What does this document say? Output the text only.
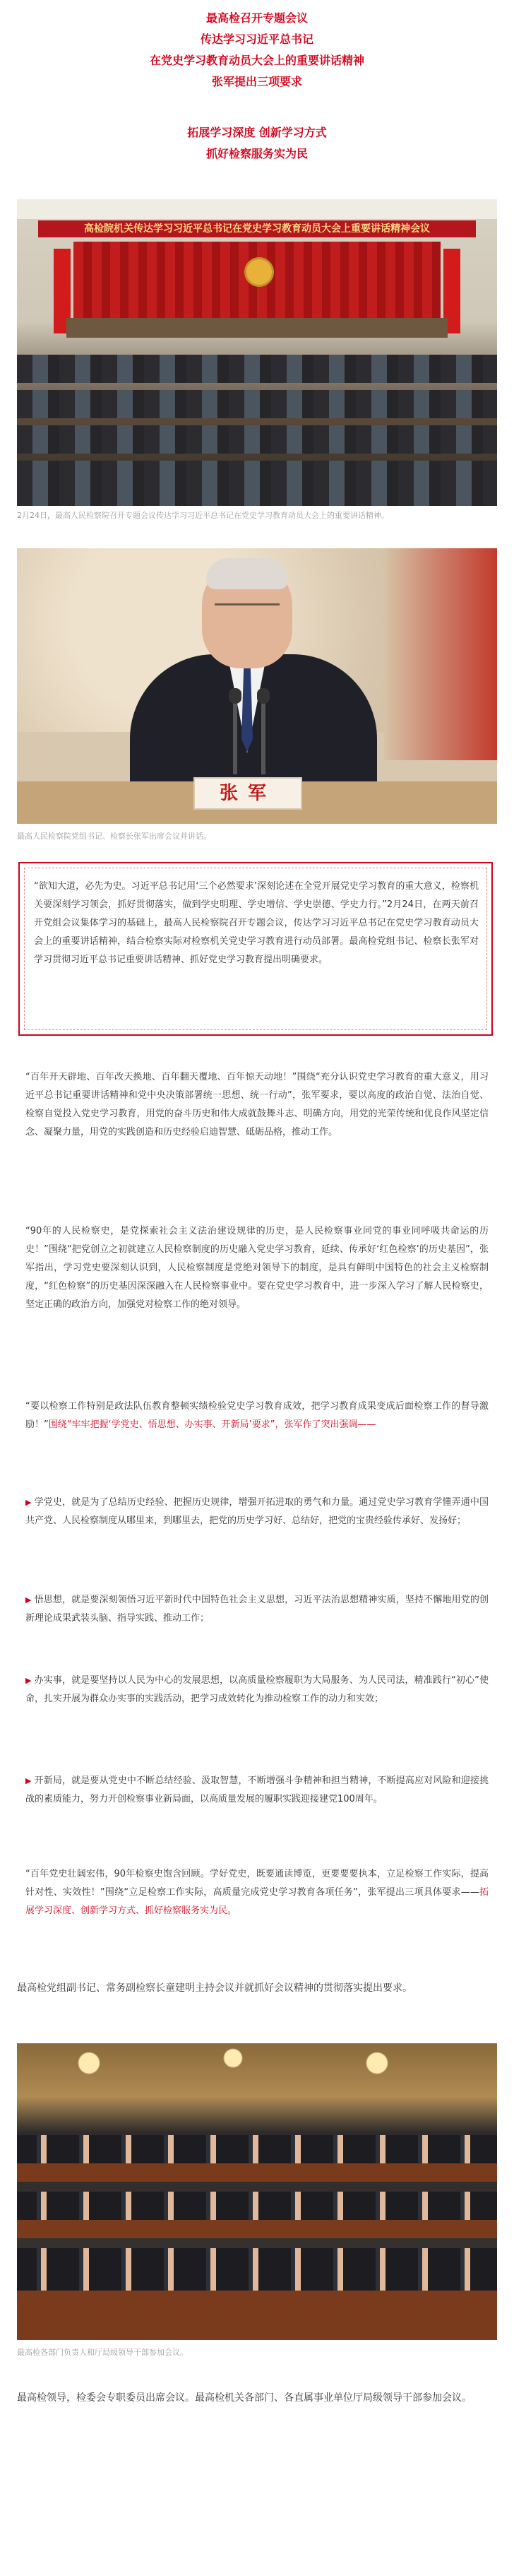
最高检召开专题会议
传达学习习近平总书记
在党史学习教育动员大会上的重要讲话精神
张军提出三项要求
拓展学习深度 创新学习方式
抓好检察服务实为民
高检院机关传达学习习近平总书记在党史学习教育动员大会上重要讲话精神会议
2月24日，最高人民检察院召开专题会议传达学习习近平总书记在党史学习教育动员大会上的重要讲话精神。
张军
最高人民检察院党组书记、检察长张军出席会议并讲话。
“欲知大道，必先为史。习近平总书记用‘三个必然要求’深刻论述在全党开展党史学习教育的重大意义，检察机关要深刻学习领会，抓好贯彻落实，做到学史明理、学史增信、学史崇德、学史力行。”2月24日，在两天前召开党组会议集体学习的基础上，最高人民检察院召开专题会议，传达学习习近平总书记在党史学习教育动员大会上的重要讲话精神，结合检察实际对检察机关党史学习教育进行动员部署。最高检党组书记、检察长张军对学习贯彻习近平总书记重要讲话精神、抓好党史学习教育提出明确要求。
“百年开天辟地、百年改天换地、百年翻天覆地、百年惊天动地！”围绕“充分认识党史学习教育的重大意义，用习近平总书记重要讲话精神和党中央决策部署统一思想、统一行动”，张军要求，要以高度的政治自觉、法治自觉、检察自觉投入党史学习教育，用党的奋斗历史和伟大成就鼓舞斗志、明确方向，用党的光荣传统和优良作风坚定信念、凝聚力量，用党的实践创造和历史经验启迪智慧、砥砺品格，推动工作。
“90年的人民检察史，是党探索社会主义法治建设规律的历史，是人民检察事业同党的事业同呼吸共命运的历史！”围绕“把党创立之初就建立人民检察制度的历史融入党史学习教育，延续、传承好‘红色检察’的历史基因”，张军指出，学习党史要深刻认识到，人民检察制度是党绝对领导下的制度，是具有鲜明中国特色的社会主义检察制度，“红色检察”的历史基因深深融入在人民检察事业中。要在党史学习教育中，进一步深入学习了解人民检察史，坚定正确的政治方向，加强党对检察工作的绝对领导。
“要以检察工作特别是政法队伍教育整顿实绩检验党史学习教育成效，把学习教育成果变成后面检察工作的督导激励！”围绕“牢牢把握‘学党史、悟思想、办实事、开新局’要求”，张军作了突出强调——
▶ 学党史，就是为了总结历史经验、把握历史规律，增强开拓进取的勇气和力量。通过党史学习教育学懂弄通中国共产党、人民检察制度从哪里来，到哪里去，把党的历史学习好、总结好，把党的宝贵经验传承好、发扬好；
▶ 悟思想，就是要深刻领悟习近平新时代中国特色社会主义思想，习近平法治思想精神实质，坚持不懈地用党的创新理论成果武装头脑、指导实践、推动工作；
▶ 办实事，就是要坚持以人民为中心的发展思想，以高质量检察履职为大局服务、为人民司法，精准践行“初心”使命，扎实开展为群众办实事的实践活动，把学习成效转化为推动检察工作的动力和实效；
▶ 开新局，就是要从党史中不断总结经验、汲取智慧，不断增强斗争精神和担当精神，不断提高应对风险和迎接挑战的素质能力，努力开创检察事业新局面，以高质量发展的履职实践迎接建党100周年。
“百年党史壮阔宏伟，90年检察史饱含回顾。学好党史，既要通读博览，更要要要执本，立足检察工作实际，提高针对性、实效性！”围绕“立足检察工作实际，高质量完成党史学习教育各项任务”，张军提出三项具体要求——拓展学习深度、创新学习方式、抓好检察服务实为民。
最高检党组副书记、常务副检察长童建明主持会议并就抓好会议精神的贯彻落实提出要求。
最高检各部门负责人和厅局级领导干部参加会议。
最高检领导，检委会专职委员出席会议。最高检机关各部门、各直属事业单位厅局级领导干部参加会议。
